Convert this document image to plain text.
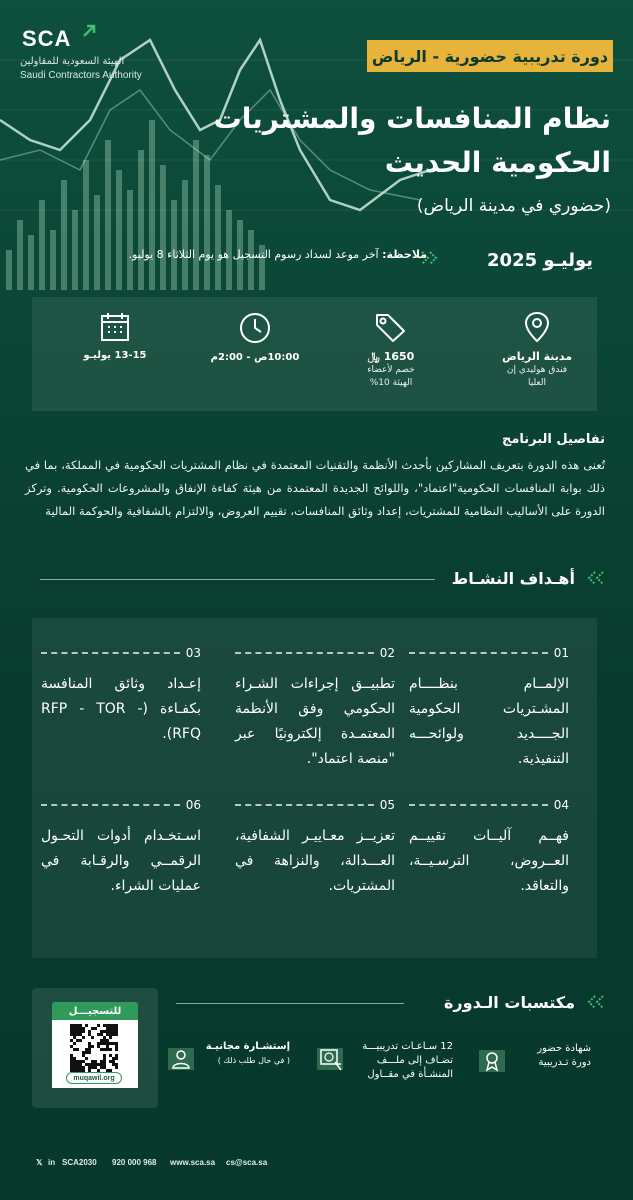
SCA
الهيئة السعودية للمقاولين
Saudi Contractors Authority
دورة تدريبية حضورية - الرياض
نظام المنافسات والمشتريات
الحكومية الحديث
(حضوري في مدينة الرياض)
يوليـو 2025
ملاحظة: آخر موعد لسداد رسوم التسجيل هو يوم الثلاثاء 8 يوليو.
مدينة الرياض
فندق هوليدي إن العليا
1650 ﷼
خصم لأعضاء الهيئة 10%
10:00ص - 2:00م
13-15 يوليـو
تفاصيل البرنامج
تُعنى هذه الدورة بتعريف المشاركين بأحدث الأنظمة والتقنيات المعتمدة في نظام المشتريات الحكومية في المملكة، بما في ذلك بوابة المنافسات الحكومية"اعتماد"، واللوائح الجديدة المعتمدة من هيئة كفاءة الإنفاق والمشروعات الحكومية. وتركز الدورة على الأساليب النظامية للمشتريات، إعداد وثائق المنافسات، تقييم العروض، والالتزام بالشفافية والحوكمة المالية
أهـداف النشـاط
01
الإلمــام بنظــــام المشـتريات الحكومية الجــــديد ولوائحـــه التنفيذية.
02
تطبيــق إجراءات الشـراء الحكومي وفق الأنظمة المعتمـدة إلكترونيًا عبر "منصة اعتماد".
03
إعـداد وثائق المنافسة بكفـاءة (- RFP - TOR RFQ).
04
فهــم آليــات تقييــم العــروض، الترسـيــة، والتعاقد.
05
تعزيــز معـاييـر الشفافية، العـــدالة، والنزاهة في المشتريات.
06
اسـتخـدام أدوات التحـول الرقمــي والرقـابة في عمليات الشراء.
مكتسبات الـدورة
شهادة حضور دورة تـدريبية
12 سـاعـات تدريبيـــة تضـاف إلى ملـــف المنشـأة في مقــاول
إستشـارة مجانيـة
( في حال طلب ذلك )
للتسجيـــل
muqawil.org
cs@sca.sa
www.sca.sa
920 000 968
SCA2030
in
𝕏
